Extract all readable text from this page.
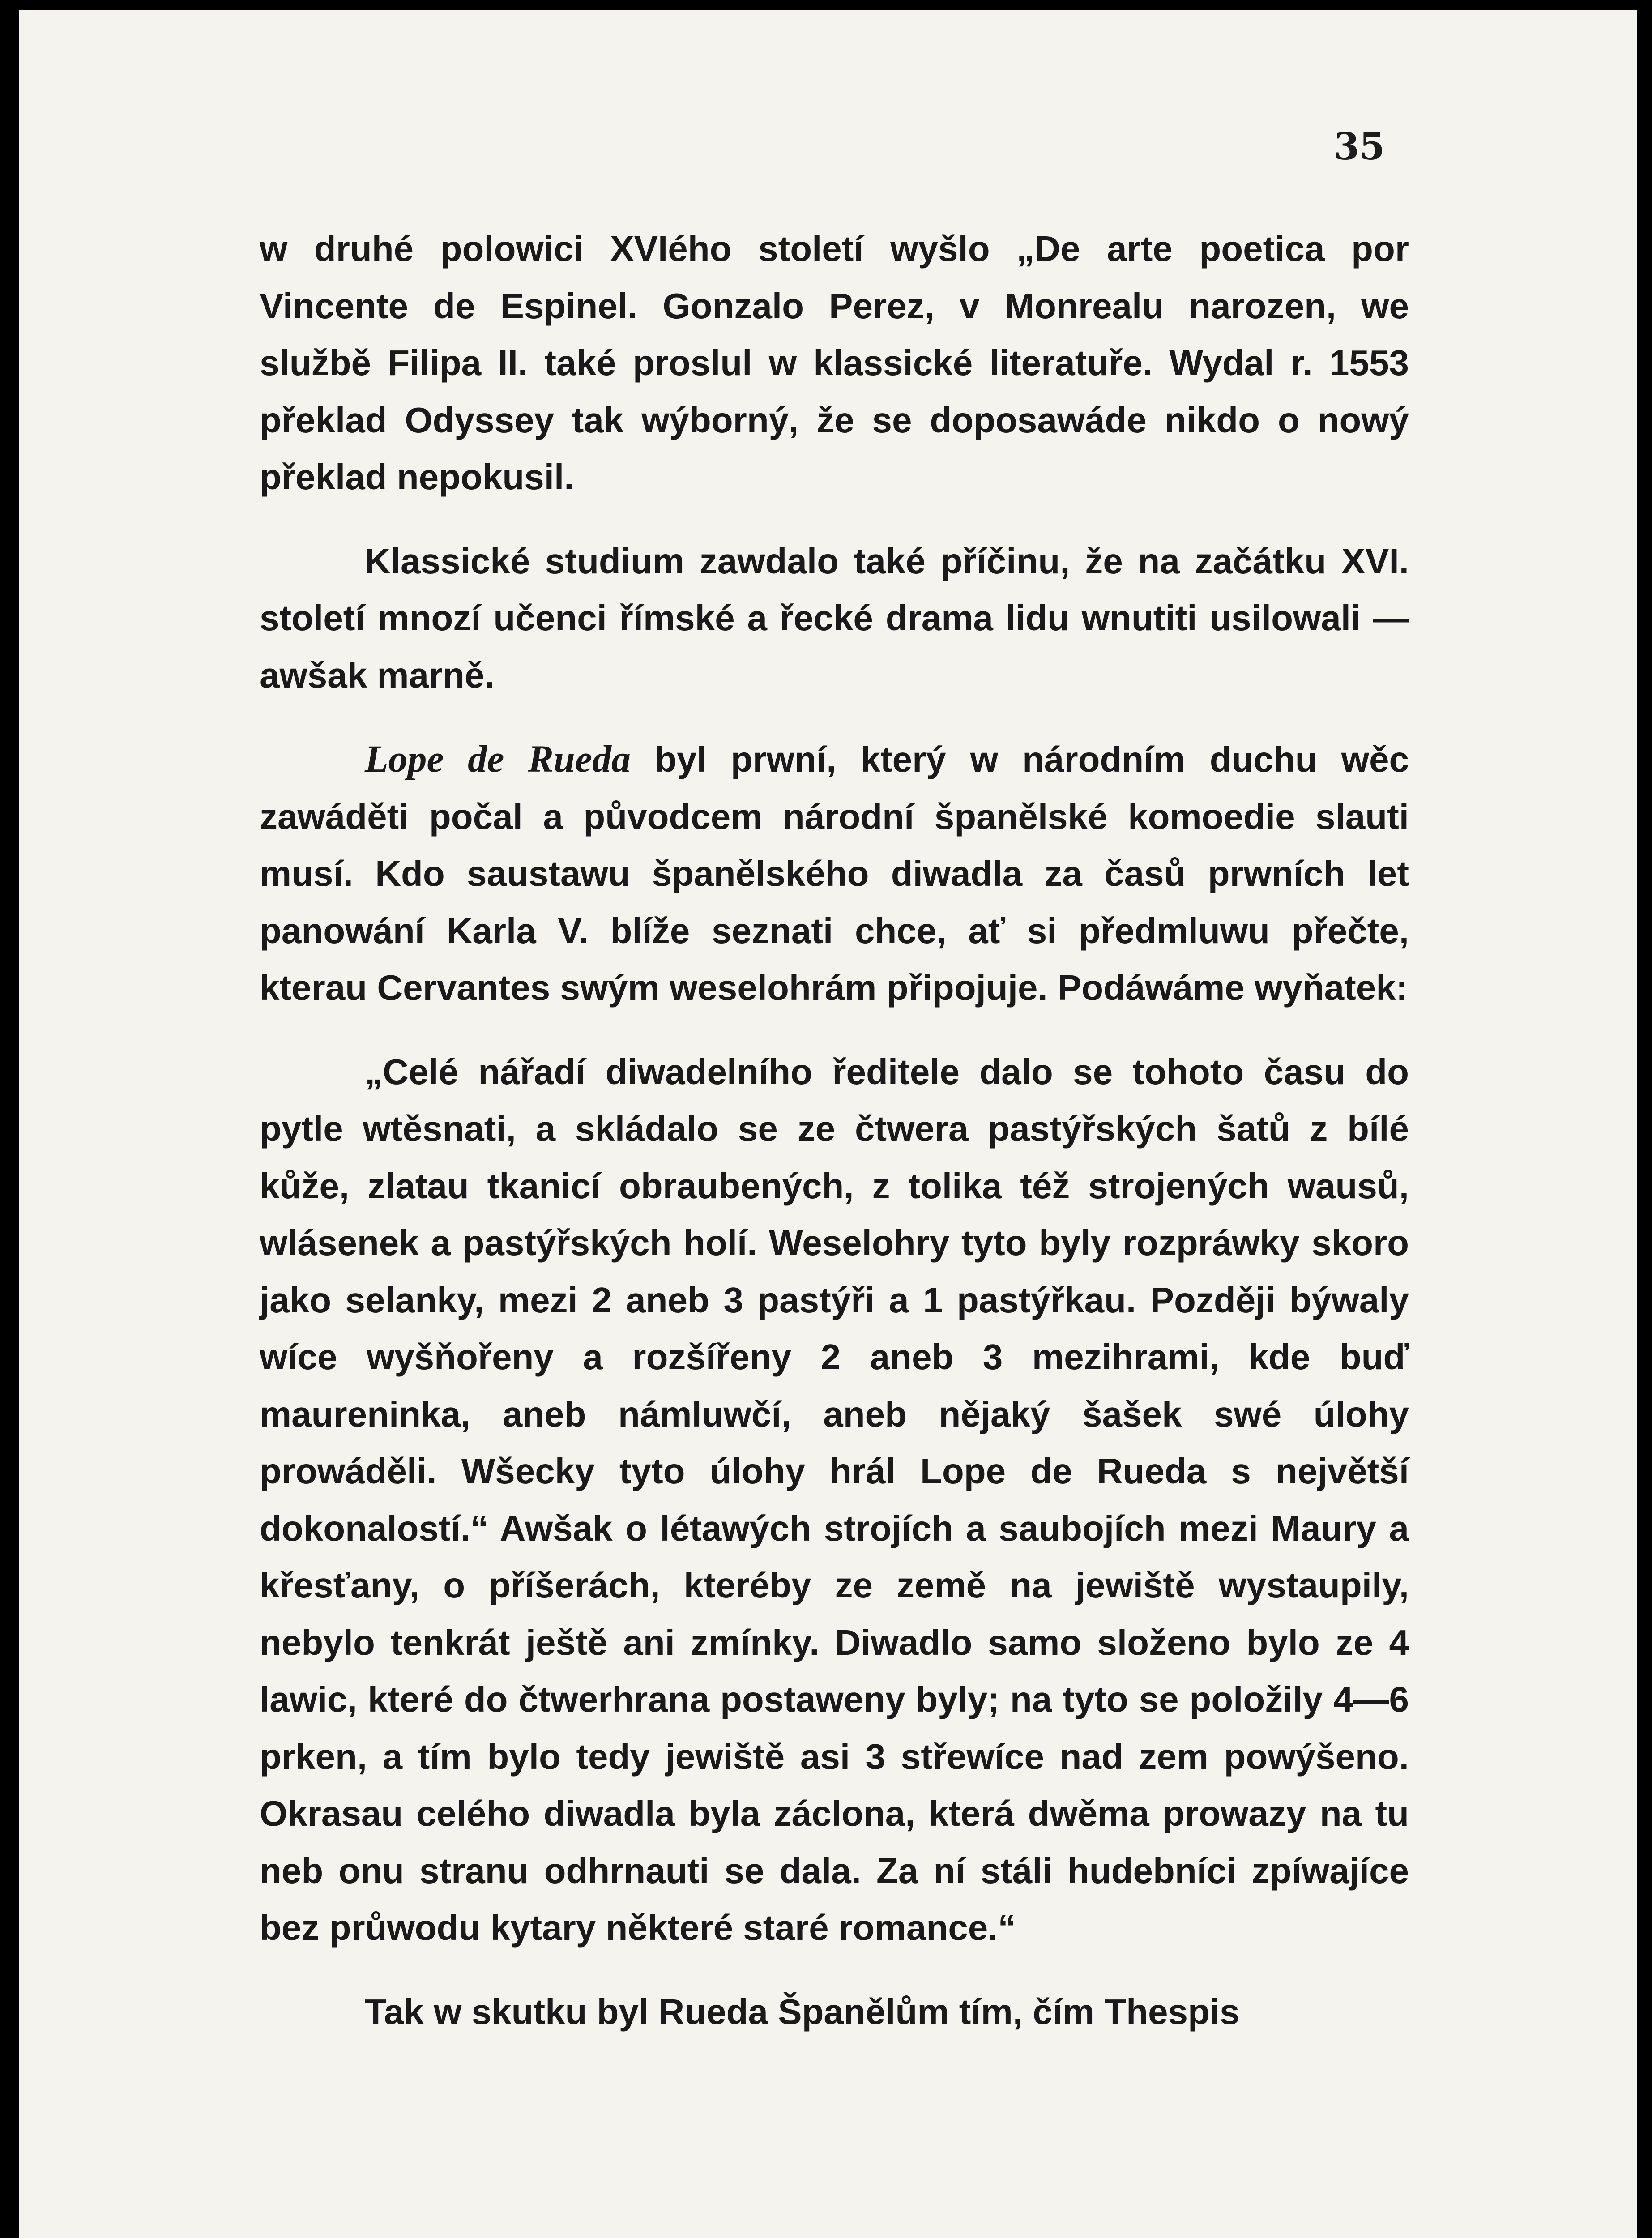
35

w druhé polowici XVIého století wyšlo „De arte poetica por Vincente de Espinel. Gonzalo Perez, v Monrealu narozen, we službě Filipa II. také proslul w klassické literatuře. Wydal r. 1553 překlad Odyssey tak wýborný, že se doposawáde nikdo o nowý překlad nepokusil.

Klassické studium zawdalo také příčinu, že na začátku XVI. století mnozí učenci římské a řecké drama lidu wnutiti usilowali — awšak marně.

Lope de Rueda byl prwní, který w národním duchu wěc zawáděti počal a původcem národní španělské komoedie slauti musí. Kdo saustawu španělského diwadla za časů prwních let panowání Karla V. blíže seznati chce, ať si předmluwu přečte, kterau Cervantes swým weselohrám připojuje. Podáwáme wyňatek:

„Celé nářadí diwadelního ředitele dalo se tohoto času do pytle wtěsnati, a skládalo se ze čtwera pastýřských šatů z bílé kůže, zlatau tkanicí obraubených, z tolika též strojených wausů, wlásenek a pastýřských holí. Weselohry tyto byly rozpráwky skoro jako selanky, mezi 2 aneb 3 pastýři a 1 pastýřkau. Později býwaly wíce wyšňořeny a rozšířeny 2 aneb 3 mezihrami, kde buď maureninka, aneb námluwčí, aneb nějaký šašek swé úlohy prowáděli. Wšecky tyto úlohy hrál Lope de Rueda s největší dokonalostí.“ Awšak o létawých strojích a saubojích mezi Maury a křesťany, o příšerách, kteréby ze země na jewiště wystaupily, nebylo tenkrát ještě ani zmínky. Diwadlo samo složeno bylo ze 4 lawic, které do čtwerhrana postaweny byly; na tyto se položily 4—6 prken, a tím bylo tedy jewiště asi 3 střewíce nad zem powýšeno. Okrasau celého diwadla byla záclona, která dwěma prowazy na tu neb onu stranu odhrnauti se dala. Za ní stáli hudebníci zpíwajíce bez průwodu kytary některé staré romance.“

Tak w skutku byl Rueda Španělům tím, čím Thespis
